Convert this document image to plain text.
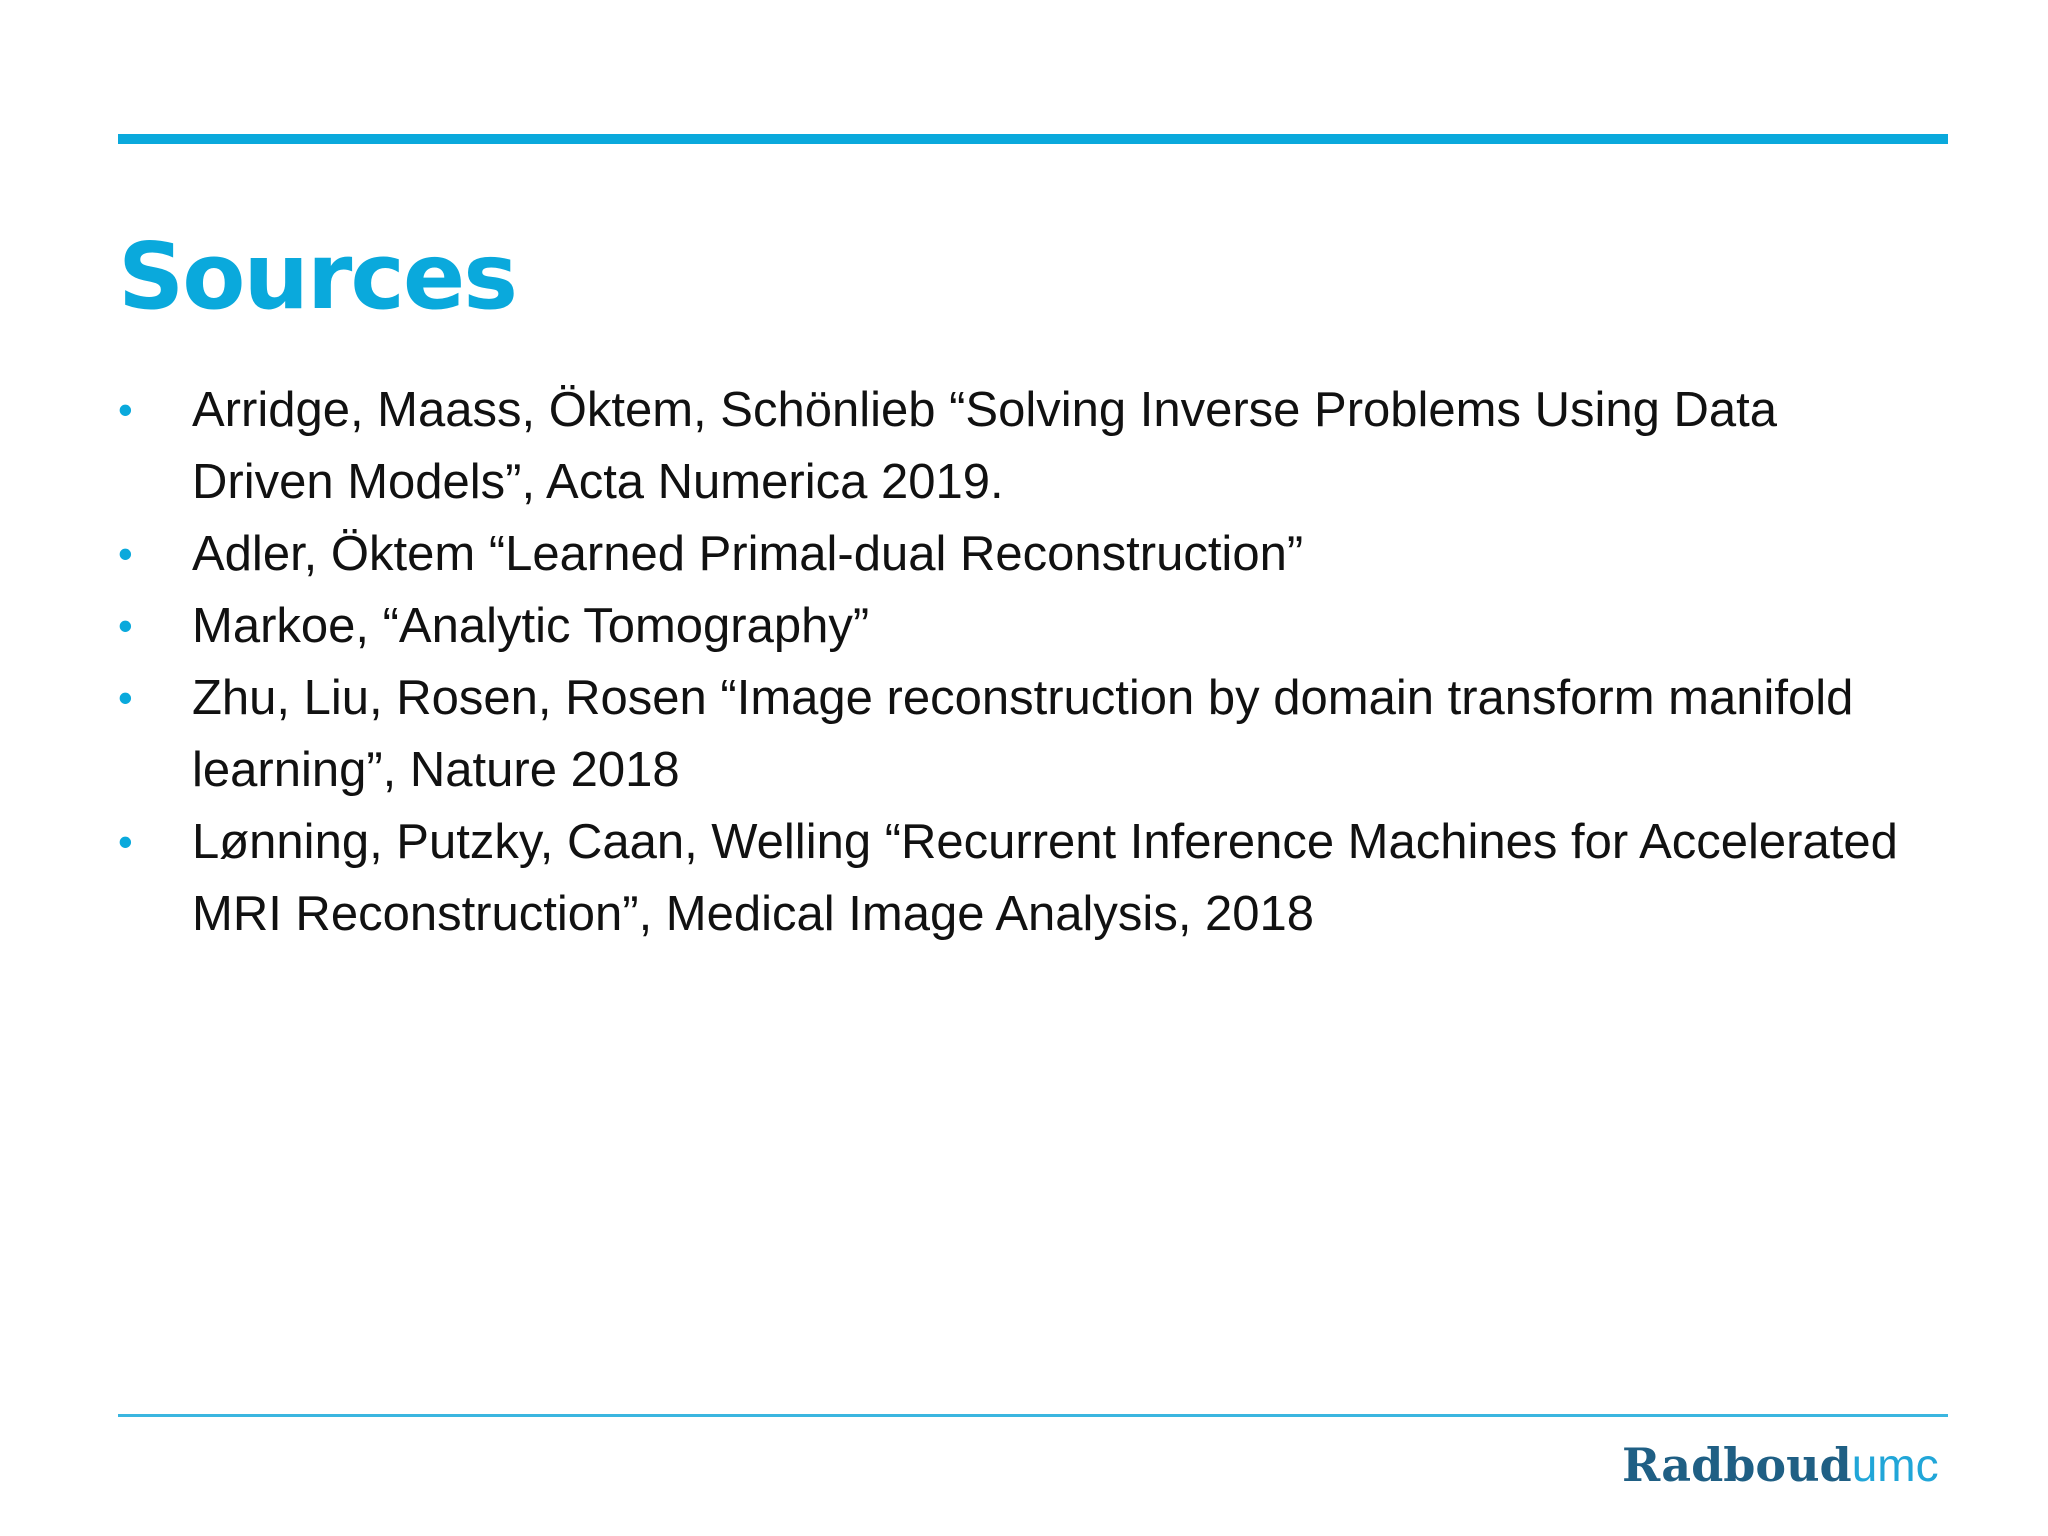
Sources
•	Arridge, Maass, Öktem, Schönlieb “Solving Inverse Problems Using Data Driven Models”, Acta Numerica 2019.
•	Adler, Öktem “Learned Primal-dual Reconstruction”
•	Markoe, “Analytic Tomography”
•	Zhu, Liu, Rosen, Rosen “Image reconstruction by domain transform manifold learning”, Nature 2018
•	Lønning, Putzky, Caan, Welling “Recurrent Inference Machines for Accelerated MRI Reconstruction”, Medical Image Analysis, 2018
Radboudumc
